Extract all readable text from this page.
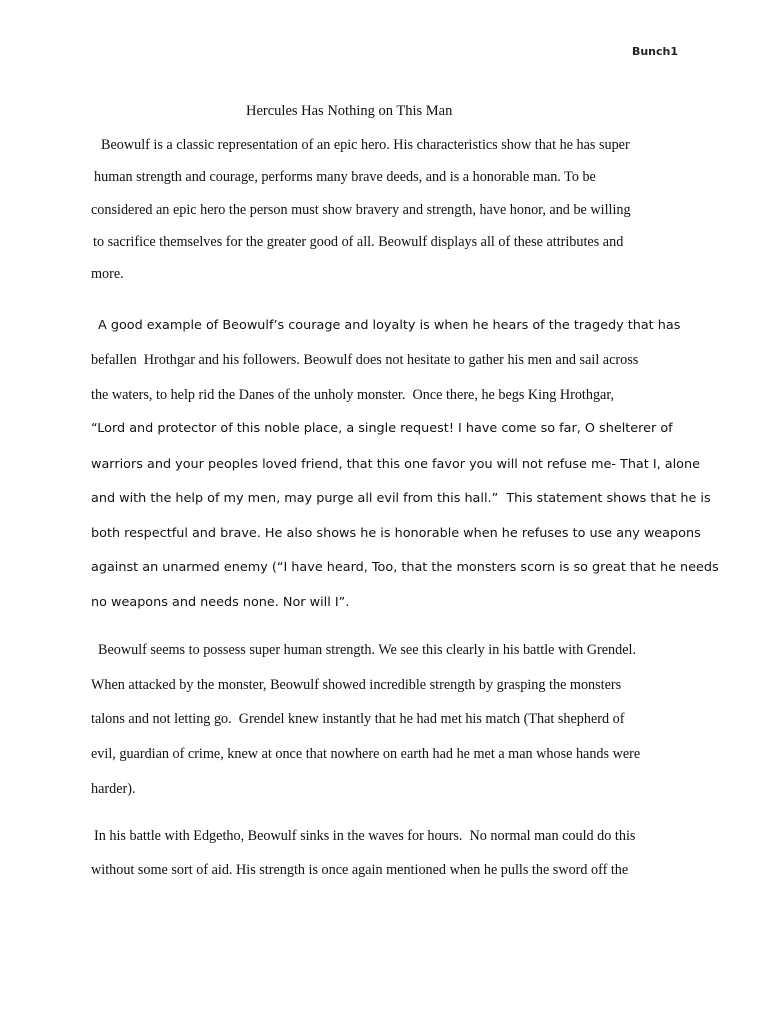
Bunch1
Hercules Has Nothing on This Man
Beowulf is a classic representation of an epic hero. His characteristics show that he has super
human strength and courage, performs many brave deeds, and is a honorable man. To be
considered an epic hero the person must show bravery and strength, have honor, and be willing
to sacrifice themselves for the greater good of all. Beowulf displays all of these attributes and
more.
A good example of Beowulf’s courage and loyalty is when he hears of the tragedy that has
befallen  Hrothgar and his followers. Beowulf does not hesitate to gather his men and sail across
the waters, to help rid the Danes of the unholy monster.  Once there, he begs King Hrothgar,
“Lord and protector of this noble place, a single request! I have come so far, O shelterer of
warriors and your peoples loved friend, that this one favor you will not refuse me- That I, alone
and with the help of my men, may purge all evil from this hall.”  This statement shows that he is
both respectful and brave. He also shows he is honorable when he refuses to use any weapons
against an unarmed enemy (“I have heard, Too, that the monsters scorn is so great that he needs
no weapons and needs none. Nor will I”.
Beowulf seems to possess super human strength. We see this clearly in his battle with Grendel.
When attacked by the monster, Beowulf showed incredible strength by grasping the monsters
talons and not letting go.  Grendel knew instantly that he had met his match (That shepherd of
evil, guardian of crime, knew at once that nowhere on earth had he met a man whose hands were
harder).
In his battle with Edgetho, Beowulf sinks in the waves for hours.  No normal man could do this
without some sort of aid. His strength is once again mentioned when he pulls the sword off the
